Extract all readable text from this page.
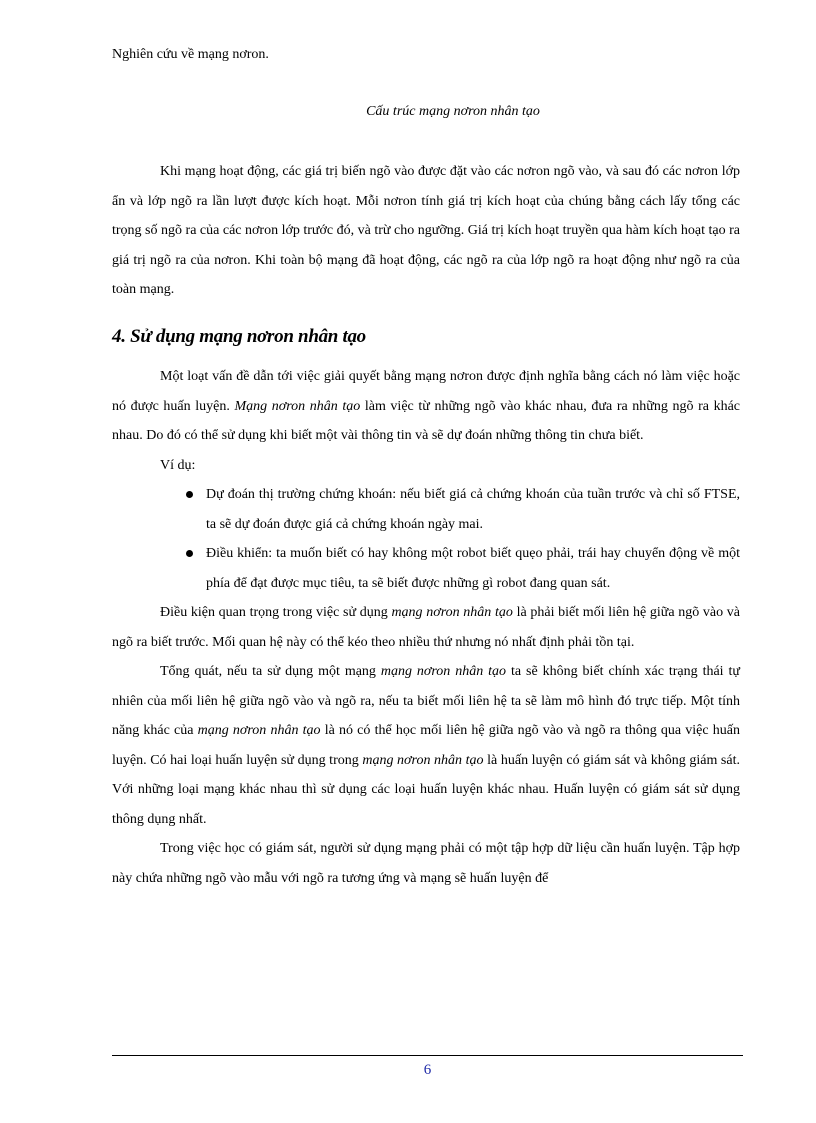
Nghiên cứu về mạng nơron.
Cấu trúc mạng nơron nhân tạo

Khi mạng hoạt động, các giá trị biến ngõ vào được đặt vào các nơron ngõ vào, và sau đó các nơron lớp ẩn và lớp ngõ ra lần lượt được kích hoạt. Mỗi nơron tính giá trị kích hoạt của chúng bằng cách lấy tổng các trọng số ngõ ra của các nơron lớp trước đó, và trừ cho ngưỡng. Giá trị kích hoạt truyền qua hàm kích hoạt tạo ra giá trị ngõ ra của nơron. Khi toàn bộ mạng đã hoạt động, các ngõ ra của lớp ngõ ra hoạt động như ngõ ra của toàn mạng.

4. Sử dụng mạng nơron nhân tạo

Một loạt vấn đề dẫn tới việc giải quyết bằng mạng nơron được định nghĩa bằng cách nó làm việc hoặc nó được huấn luyện. Mạng nơron nhân tạo làm việc từ những ngõ vào khác nhau, đưa ra những ngõ ra khác nhau. Do đó có thể sử dụng khi biết một vài thông tin và sẽ dự đoán những thông tin chưa biết.

Ví dụ:
Dự đoán thị trường chứng khoán: nếu biết giá cả chứng khoán của tuần trước và chỉ số FTSE, ta sẽ dự đoán được giá cả chứng khoán ngày mai.
Điều khiển: ta muốn biết có hay không một robot biết quẹo phải, trái hay chuyển động về một phía để đạt được mục tiêu, ta sẽ biết được những gì robot đang quan sát.

Điều kiện quan trọng trong việc sử dụng mạng nơron nhân tạo là phải biết mối liên hệ giữa ngõ vào và ngõ ra biết trước. Mối quan hệ này có thể kéo theo nhiều thứ nhưng nó nhất định phải tồn tại.

Tổng quát, nếu ta sử dụng một mạng mạng nơron nhân tạo ta sẽ không biết chính xác trạng thái tự nhiên của mối liên hệ giữa ngõ vào và ngõ ra, nếu ta biết mối liên hệ ta sẽ làm mô hình đó trực tiếp. Một tính năng khác của mạng nơron nhân tạo là nó có thể học mối liên hệ giữa ngõ vào và ngõ ra thông qua việc huấn luyện. Có hai loại huấn luyện sử dụng trong mạng nơron nhân tạo là huấn luyện có giám sát và không giám sát. Với những loại mạng khác nhau thì sử dụng các loại huấn luyện khác nhau. Huấn luyện có giám sát sử dụng thông dụng nhất.

Trong việc học có giám sát, người sử dụng mạng phải có một tập hợp dữ liệu cần huấn luyện. Tập hợp này chứa những ngõ vào mẫu với ngõ ra tương ứng và mạng sẽ huấn luyện để

6
